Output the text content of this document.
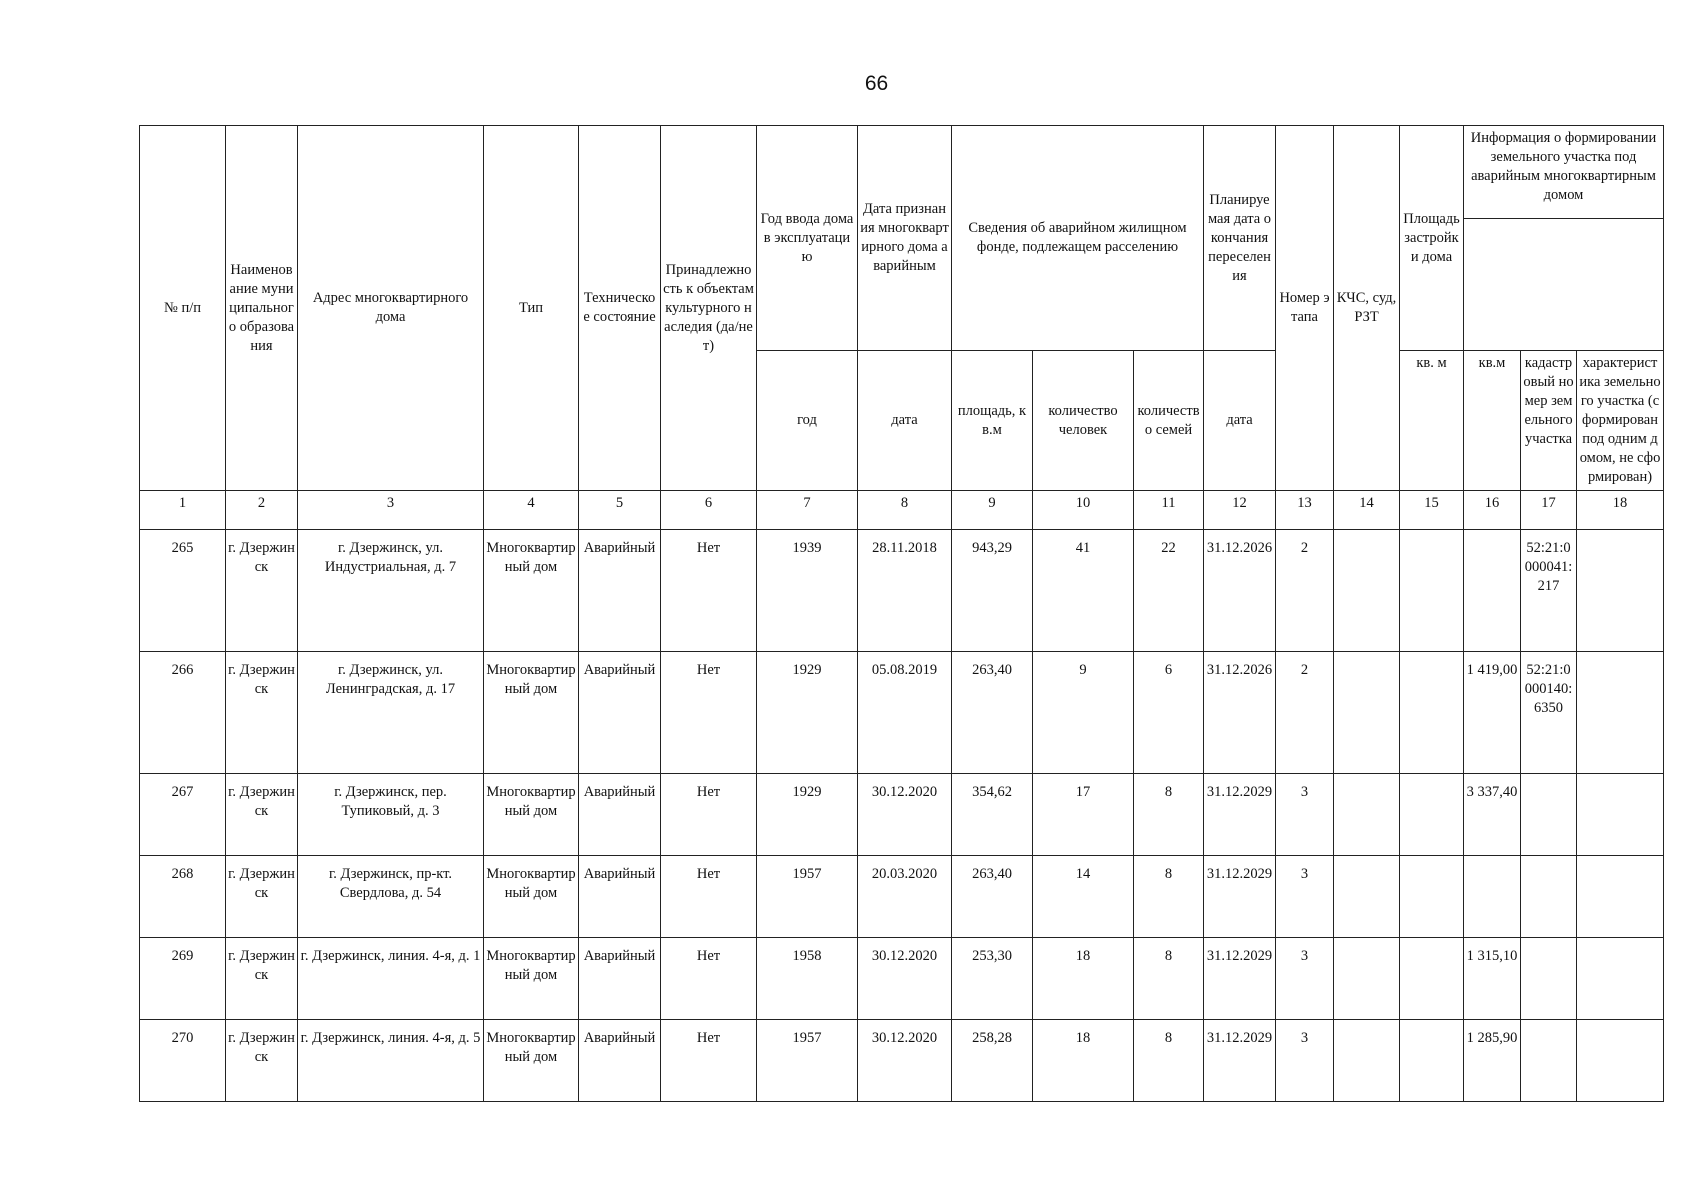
66
№ п/п	Наименование муниципального образования	Адрес многоквартирного дома	Тип	Техническое состояние	Принадлежность к объектам культурного наследия (да/нет)	Год ввода дома в эксплуатацию	Дата признания многоквартирного дома аварийным	Сведения об аварийном жилищном фонде, подлежащем расселению			Планируемая дата окончания переселения	Номер этапа	КЧС, суд, РЗТ	Площадь застройки дома	Информация о формировании земельного участка под аварийным многоквартирным домом		

						год	дата	площадь, кв.м	количество человек	количество семей	дата			кв. м	кв.м	кадастровый номер земельного участка	характеристика земельного участка (сформирован под одним домом, не сформирован)
1	2	3	4	5	6	7	8	9	10	11	12	13	14	15	16	17	18
265	г. Дзержинск	г. Дзержинск, ул. Индустриальная, д. 7	Многоквартирный дом	Аварийный	Нет	1939	28.11.2018	943,29	41	22	31.12.2026	2				52:21:0000041:217	
266	г. Дзержинск	г. Дзержинск, ул. Ленинградская, д. 17	Многоквартирный дом	Аварийный	Нет	1929	05.08.2019	263,40	9	6	31.12.2026	2			1 419,00	52:21:0000140:6350	
267	г. Дзержинск	г. Дзержинск, пер. Тупиковый, д. 3	Многоквартирный дом	Аварийный	Нет	1929	30.12.2020	354,62	17	8	31.12.2029	3			3 337,40		
268	г. Дзержинск	г. Дзержинск, пр-кт. Свердлова, д. 54	Многоквартирный дом	Аварийный	Нет	1957	20.03.2020	263,40	14	8	31.12.2029	3					
269	г. Дзержинск	г. Дзержинск, линия. 4-я, д. 1	Многоквартирный дом	Аварийный	Нет	1958	30.12.2020	253,30	18	8	31.12.2029	3			1 315,10		
270	г. Дзержинск	г. Дзержинск, линия. 4-я, д. 5	Многоквартирный дом	Аварийный	Нет	1957	30.12.2020	258,28	18	8	31.12.2029	3			1 285,90		
